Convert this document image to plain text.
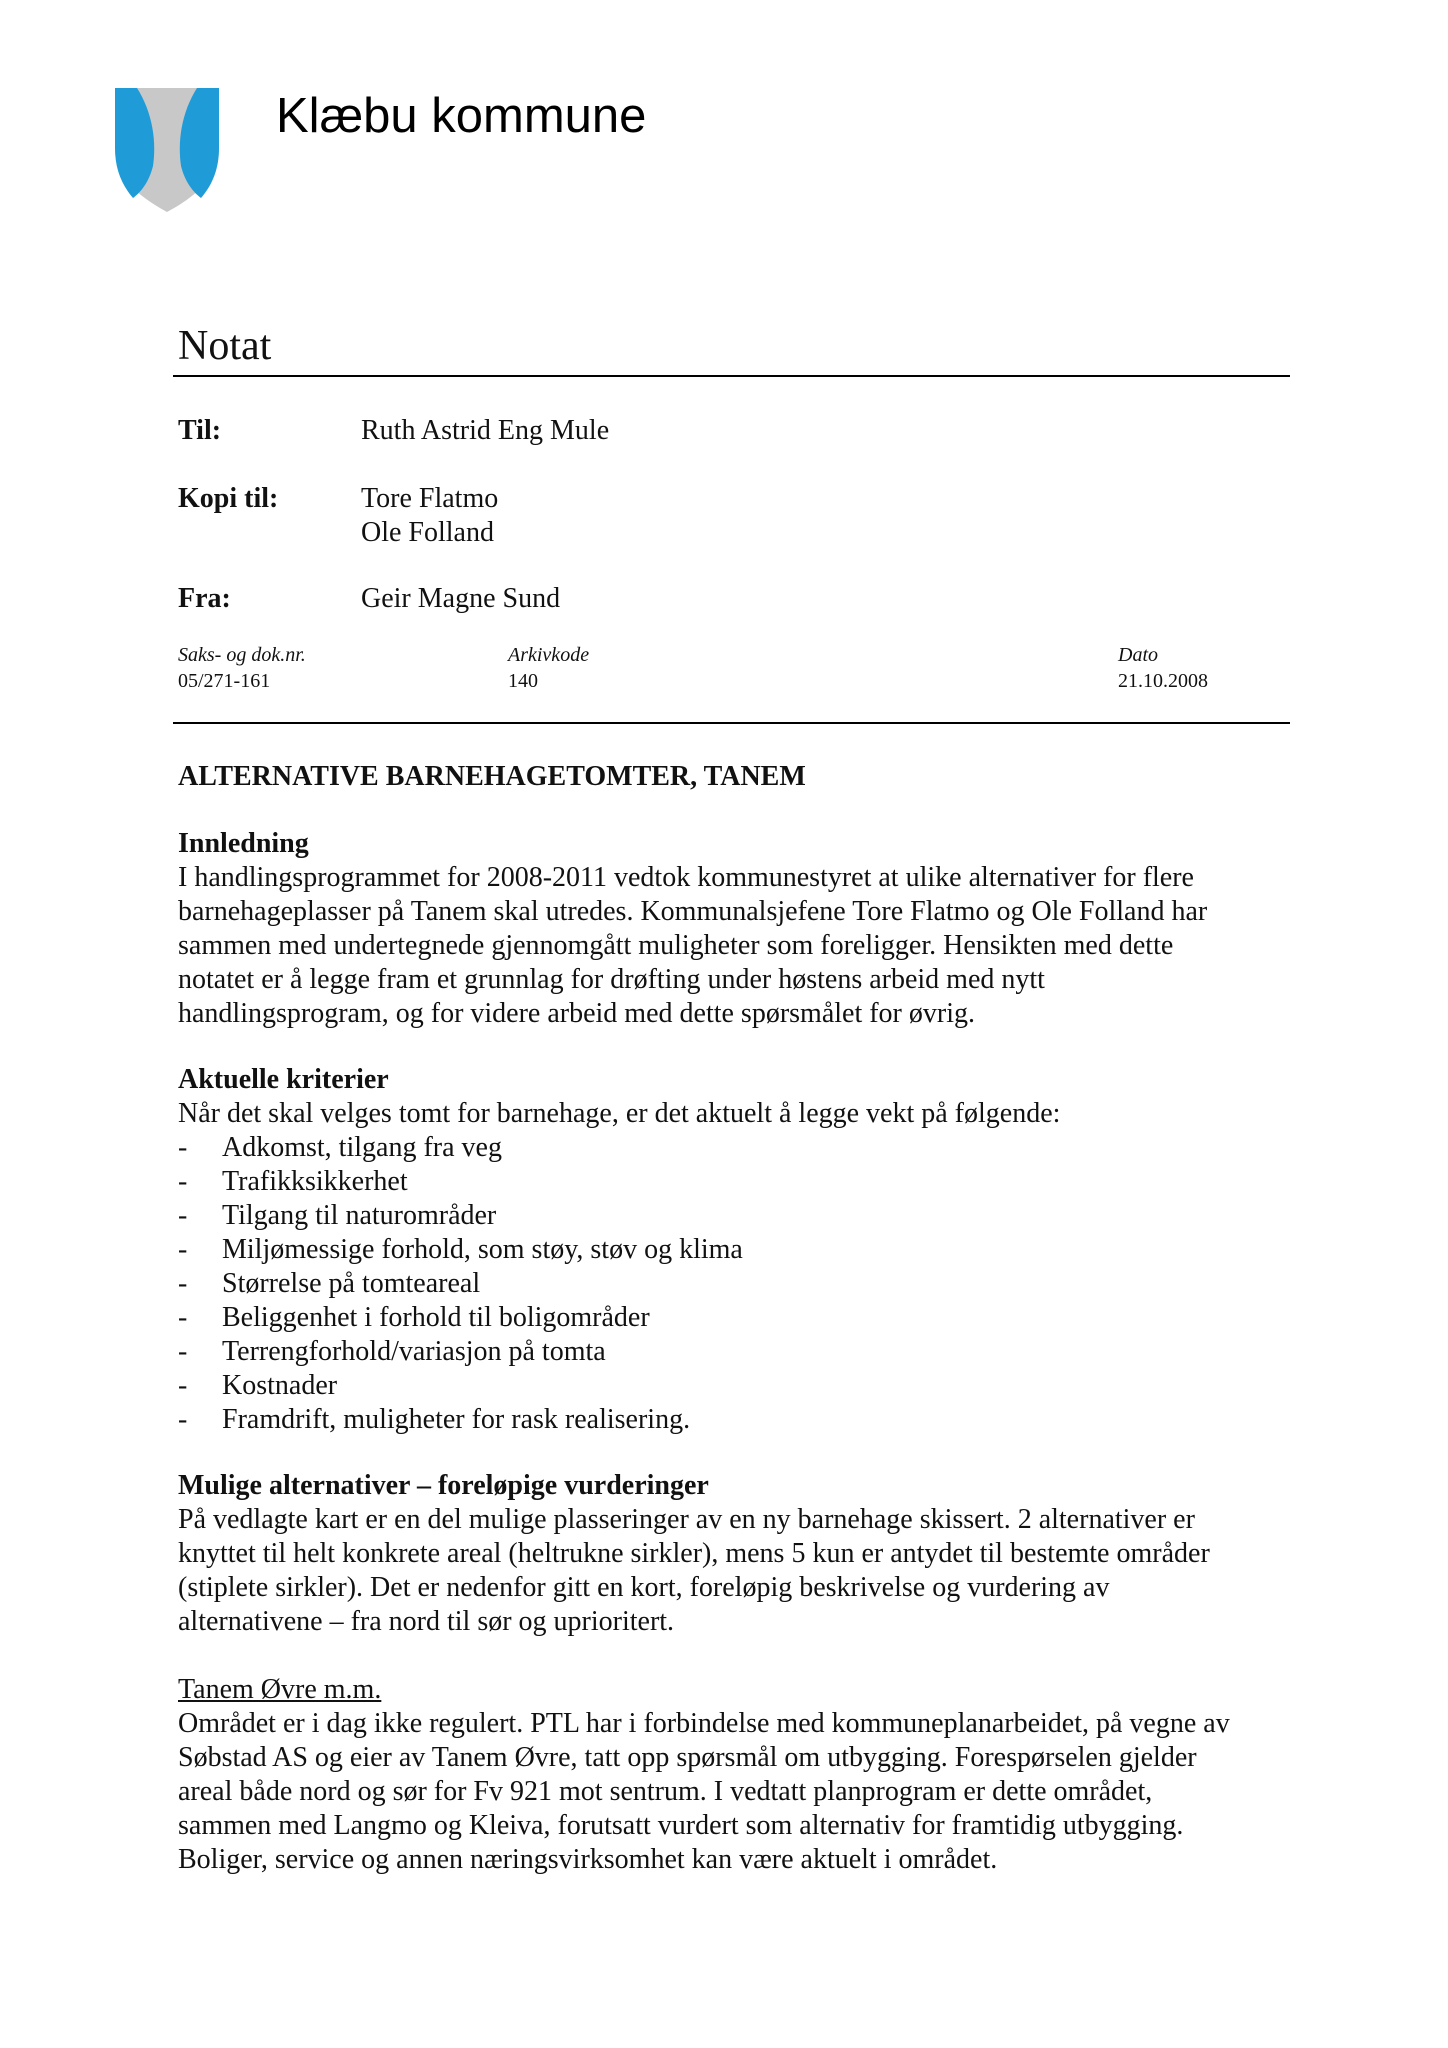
Klæbu kommune
Notat
Til:	Ruth Astrid Eng Mule
Kopi til:	Tore Flatmo
Ole Folland
Fra:	Geir Magne Sund
Saks- og dok.nr.
05/271-161
Arkivkode
140
Dato
21.10.2008
ALTERNATIVE BARNEHAGETOMTER, TANEM

Innledning

I handlingsprogrammet for 2008-2011 vedtok kommunestyret at ulike alternativer for flere

barnehageplasser på Tanem skal utredes. Kommunalsjefene Tore Flatmo og Ole Folland har

sammen med undertegnede gjennomgått muligheter som foreligger. Hensikten med dette

notatet er å legge fram et grunnlag for drøfting under høstens arbeid med nytt

handlingsprogram, og for videre arbeid med dette spørsmålet for øvrig.

Aktuelle kriterier

Når det skal velges tomt for barnehage, er det aktuelt å legge vekt på følgende:

- Adkomst, tilgang fra veg
- Trafikksikkerhet
- Tilgang til naturområder
- Miljømessige forhold, som støy, støv og klima
- Størrelse på tomteareal
- Beliggenhet i forhold til boligområder
- Terrengforhold/variasjon på tomta
- Kostnader
- Framdrift, muligheter for rask realisering.

Mulige alternativer – foreløpige vurderinger

På vedlagte kart er en del mulige plasseringer av en ny barnehage skissert. 2 alternativer er

knyttet til helt konkrete areal (heltrukne sirkler), mens 5 kun er antydet til bestemte områder

(stiplete sirkler). Det er nedenfor gitt en kort, foreløpig beskrivelse og vurdering av

alternativene – fra nord til sør og uprioritert.

Tanem Øvre m.m.

Området er i dag ikke regulert. PTL har i forbindelse med kommuneplanarbeidet, på vegne av

Søbstad AS og eier av Tanem Øvre, tatt opp spørsmål om utbygging. Forespørselen gjelder

areal både nord og sør for Fv 921 mot sentrum. I vedtatt planprogram er dette området,

sammen med Langmo og Kleiva, forutsatt vurdert som alternativ for framtidig utbygging.

Boliger, service og annen næringsvirksomhet kan være aktuelt i området.
